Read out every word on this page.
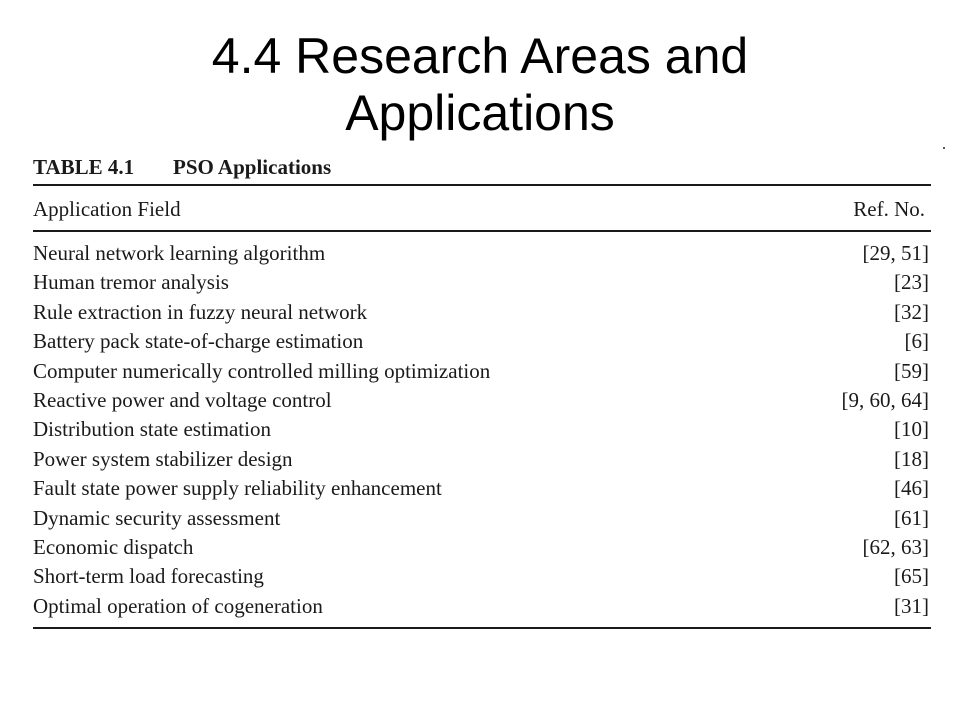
4.4 Research Areas and
Applications
TABLE 4.1 PSO Applications
Application Field	Ref. No.
Neural network learning algorithm	[29, 51]
Human tremor analysis	[23]
Rule extraction in fuzzy neural network	[32]
Battery pack state-of-charge estimation	[6]
Computer numerically controlled milling optimization	[59]
Reactive power and voltage control	[9, 60, 64]
Distribution state estimation	[10]
Power system stabilizer design	[18]
Fault state power supply reliability enhancement	[46]
Dynamic security assessment	[61]
Economic dispatch	[62, 63]
Short-term load forecasting	[65]
Optimal operation of cogeneration	[31]
